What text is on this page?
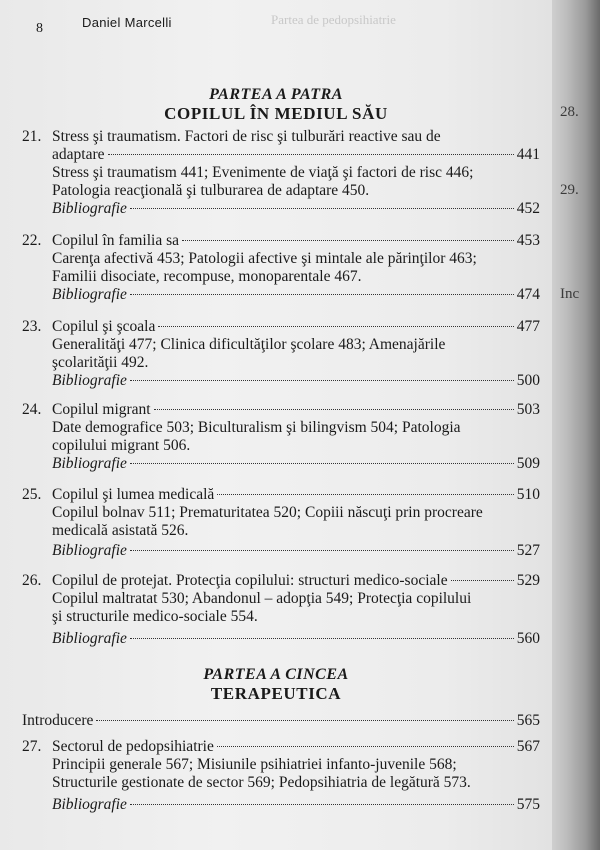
8	Daniel Marcelli	Partea de pedopsihiatrie
PARTEA A PATRA
COPILUL ÎN MEDIUL SĂU
21. Stress şi traumatism. Factori de risc şi tulburări reactive sau de
adaptare	441
Stress şi traumatism 441; Evenimente de viaţă şi factori de risc 446;
Patologia reacţională şi tulburarea de adaptare 450.
Bibliografie	452
22. Copilul în familia sa	453
Carenţa afectivă 453; Patologii afective şi mintale ale părinţilor 463;
Familii disociate, recompuse, monoparentale 467.
Bibliografie	474
23. Copilul şi şcoala	477
Generalităţi 477; Clinica dificultăţilor şcolare 483; Amenajările
şcolarităţii 492.
Bibliografie	500
24. Copilul migrant	503
Date demografice 503; Biculturalism şi bilingvism 504; Patologia
copilului migrant 506.
Bibliografie	509
25. Copilul şi lumea medicală	510
Copilul bolnav 511; Prematuritatea 520; Copiii născuţi prin procreare
medicală asistată 526.
Bibliografie	527
26. Copilul de protejat. Protecţia copilului: structuri medico-sociale	529
Copilul maltratat 530; Abandonul – adopţia 549; Protecţia copilului
şi structurile medico-sociale 554.
Bibliografie	560
PARTEA A CINCEA
TERAPEUTICA
Introducere	565
27. Sectorul de pedopsihiatrie	567
Principii generale 567; Misiunile psihiatriei infanto-juvenile 568;
Structurile gestionate de sector 569; Pedopsihiatria de legătură 573.
Bibliografie	575
28.
29.
Inc
